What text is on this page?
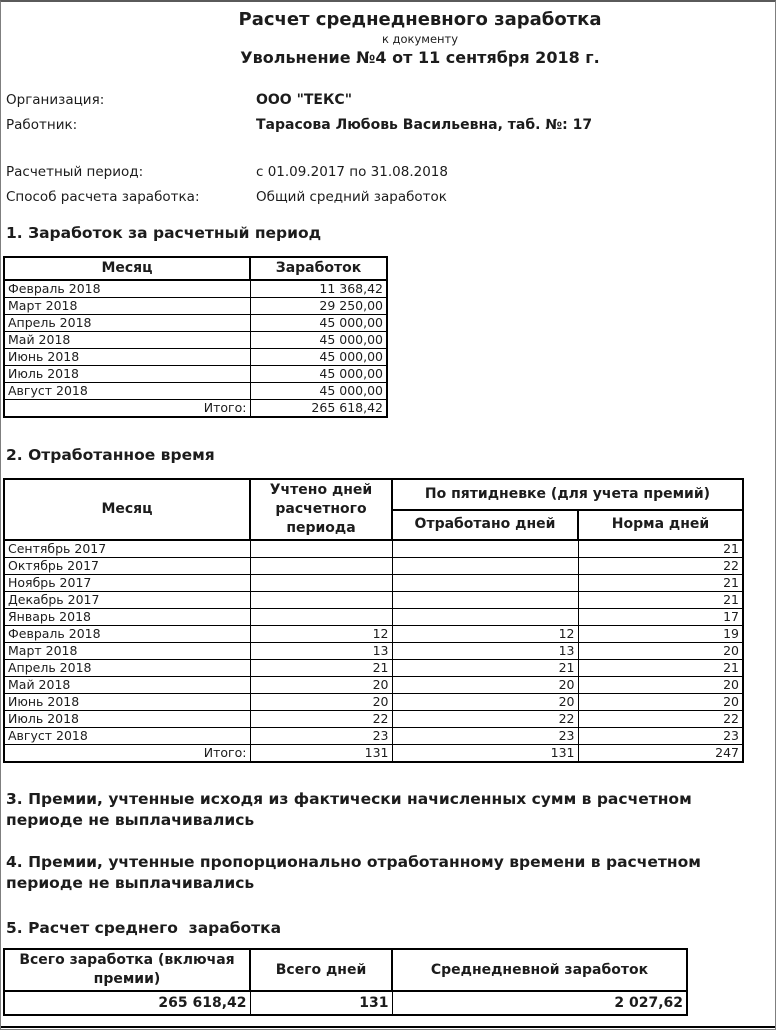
Расчет среднедневного заработка
к документу
Увольнение №4 от 11 сентября 2018 г.
Организация:	ООО "ТЕКС"
Работник:	Тарасова Любовь Васильевна, таб. №: 17
Расчетный период:	с 01.09.2017 по 31.08.2018
Способ расчета заработка:	Общий средний заработок
1. Заработок за расчетный период
Месяц	Заработок
Февраль 2018	11 368,42
Март 2018	29 250,00
Апрель 2018	45 000,00
Май 2018	45 000,00
Июнь 2018	45 000,00
Июль 2018	45 000,00
Август 2018	45 000,00
Итого:	265 618,42
2. Отработанное время
Месяц	Учтено дней расчетного периода	По пятидневке (для учета премий)	
		Отработано дней	Норма дней
Сентябрь 2017			21
Октябрь 2017			22
Ноябрь 2017			21
Декабрь 2017			21
Январь 2018			17
Февраль 2018	12	12	19
Март 2018	13	13	20
Апрель 2018	21	21	21
Май 2018	20	20	20
Июнь 2018	20	20	20
Июль 2018	22	22	22
Август 2018	23	23	23
Итого:	131	131	247
3. Премии, учтенные исходя из фактически начисленных сумм в расчетном периоде не выплачивались
4. Премии, учтенные пропорционально отработанному времени в расчетном периоде не выплачивались
5. Расчет среднего  заработка
Всего заработка (включая премии)	Всего дней	Среднедневной заработок
265 618,42	131	2 027,62
